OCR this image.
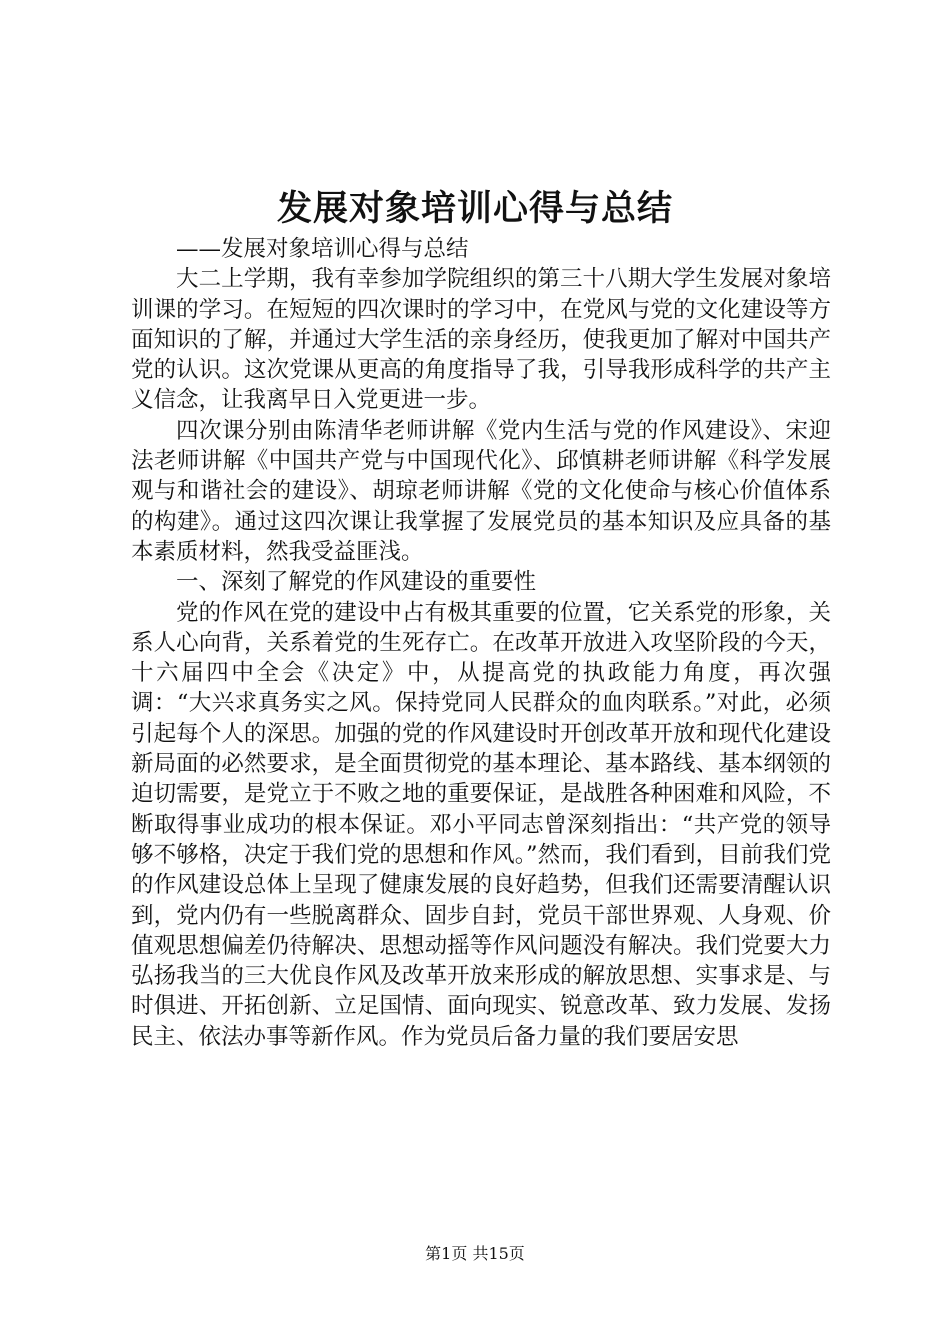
发展对象培训心得与总结

——发展对象培训心得与总结

大二上学期，我有幸参加学院组织的第三十八期大学生发展对象培训课的学习。在短短的四次课时的学习中，在党风与党的文化建设等方面知识的了解，并通过大学生活的亲身经历，使我更加了解对中国共产党的认识。这次党课从更高的角度指导了我，引导我形成科学的共产主义信念，让我离早日入党更进一步。

四次课分别由陈清华老师讲解《党内生活与党的作风建设》、宋迎法老师讲解《中国共产党与中国现代化》、邱慎耕老师讲解《科学发展观与和谐社会的建设》、胡琼老师讲解《党的文化使命与核心价值体系的构建》。通过这四次课让我掌握了发展党员的基本知识及应具备的基本素质材料，然我受益匪浅。

一、深刻了解党的作风建设的重要性

党的作风在党的建设中占有极其重要的位置，它关系党的形象，关系人心向背，关系着党的生死存亡。在改革开放进入攻坚阶段的今天，十六届四中全会《决定》中，从提高党的执政能力角度，再次强调：“大兴求真务实之风。保持党同人民群众的血肉联系。”对此，必须引起每个人的深思。加强的党的作风建设时开创改革开放和现代化建设新局面的必然要求，是全面贯彻党的基本理论、基本路线、基本纲领的迫切需要，是党立于不败之地的重要保证，是战胜各种困难和风险，不断取得事业成功的根本保证。邓小平同志曾深刻指出：“共产党的领导够不够格，决定于我们党的思想和作风。”然而，我们看到，目前我们党的作风建设总体上呈现了健康发展的良好趋势，但我们还需要清醒认识到，党内仍有一些脱离群众、固步自封，党员干部世界观、人身观、价值观思想偏差仍待解决、思想动摇等作风问题没有解决。我们党要大力弘扬我当的三大优良作风及改革开放来形成的解放思想、实事求是、与时俱进、开拓创新、立足国情、面向现实、锐意改革、致力发展、发扬民主、依法办事等新作风。作为党员后备力量的我们要居安思

第1页 共15页
